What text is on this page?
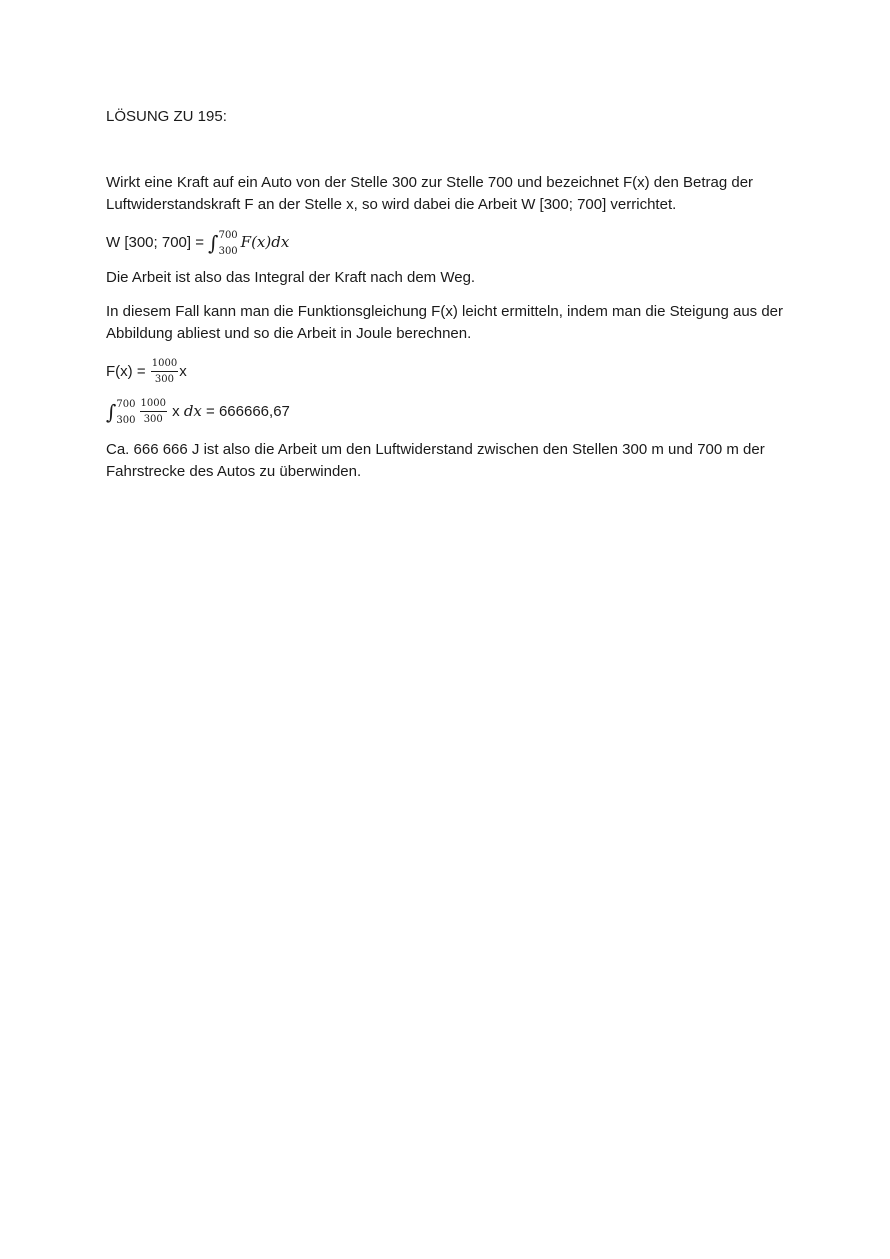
LÖSUNG ZU 195:
Wirkt eine Kraft auf ein Auto von der Stelle 300 zur Stelle 700 und bezeichnet F(x) den Betrag der
Luftwiderstandskraft F an der Stelle x, so wird dabei die Arbeit W [300; 700] verrichtet.
W [300; 700] = ∫ 700
300
F(x)dx
Die Arbeit ist also das Integral der Kraft nach dem Weg.
In diesem Fall kann man die Funktionsgleichung F(x) leicht ermitteln, indem man die Steigung aus der
Abbildung abliest und so die Arbeit in Joule berechnen.
$F(x) = \frac{1000}{300}$ x
∫ 700
$300 \frac{1000}{300}$ x dx = 666666,67
Ca. 666 666 J ist also die Arbeit um den Luftwiderstand zwischen den Stellen 300 m und 700 m der
Fahrstrecke des Autos zu überwinden.
